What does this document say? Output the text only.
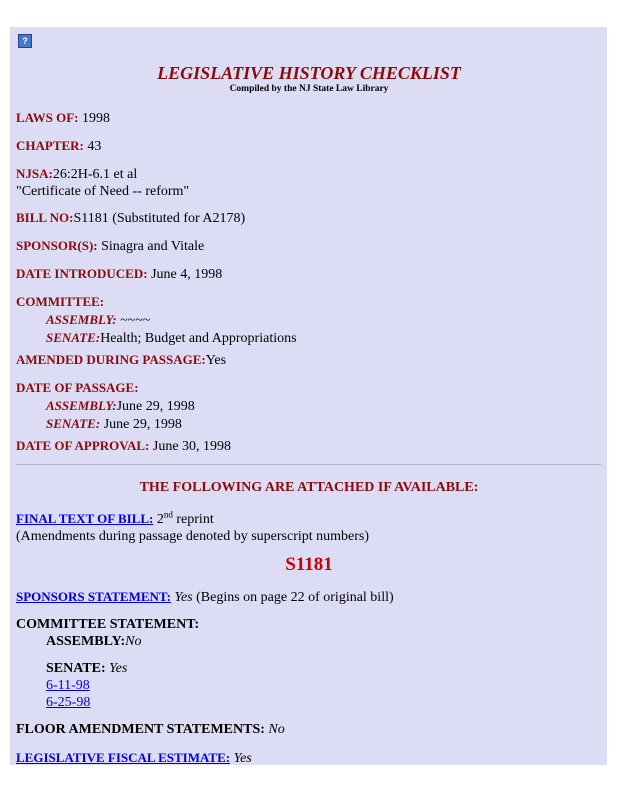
?
LEGISLATIVE HISTORY CHECKLIST
Compiled by the NJ State Law Library
LAWS OF: 1998
CHAPTER: 43
NJSA:26:2H-6.1 et al
"Certificate of Need -- reform"
BILL NO:S1181 (Substituted for A2178)
SPONSOR(S): Sinagra and Vitale
DATE INTRODUCED: June 4, 1998
COMMITTEE:
ASSEMBLY: ~~~~
SENATE:Health; Budget and Appropriations
AMENDED DURING PASSAGE:Yes
DATE OF PASSAGE:
ASSEMBLY:June 29, 1998
SENATE: June 29, 1998
DATE OF APPROVAL: June 30, 1998
THE FOLLOWING ARE ATTACHED IF AVAILABLE:
FINAL TEXT OF BILL: 2nd reprint
(Amendments during passage denoted by superscript numbers)
S1181
SPONSORS STATEMENT: Yes (Begins on page 22 of original bill)
COMMITTEE STATEMENT:
ASSEMBLY:No
SENATE: Yes
6-11-98
6-25-98
FLOOR AMENDMENT STATEMENTS: No
LEGISLATIVE FISCAL ESTIMATE: Yes
